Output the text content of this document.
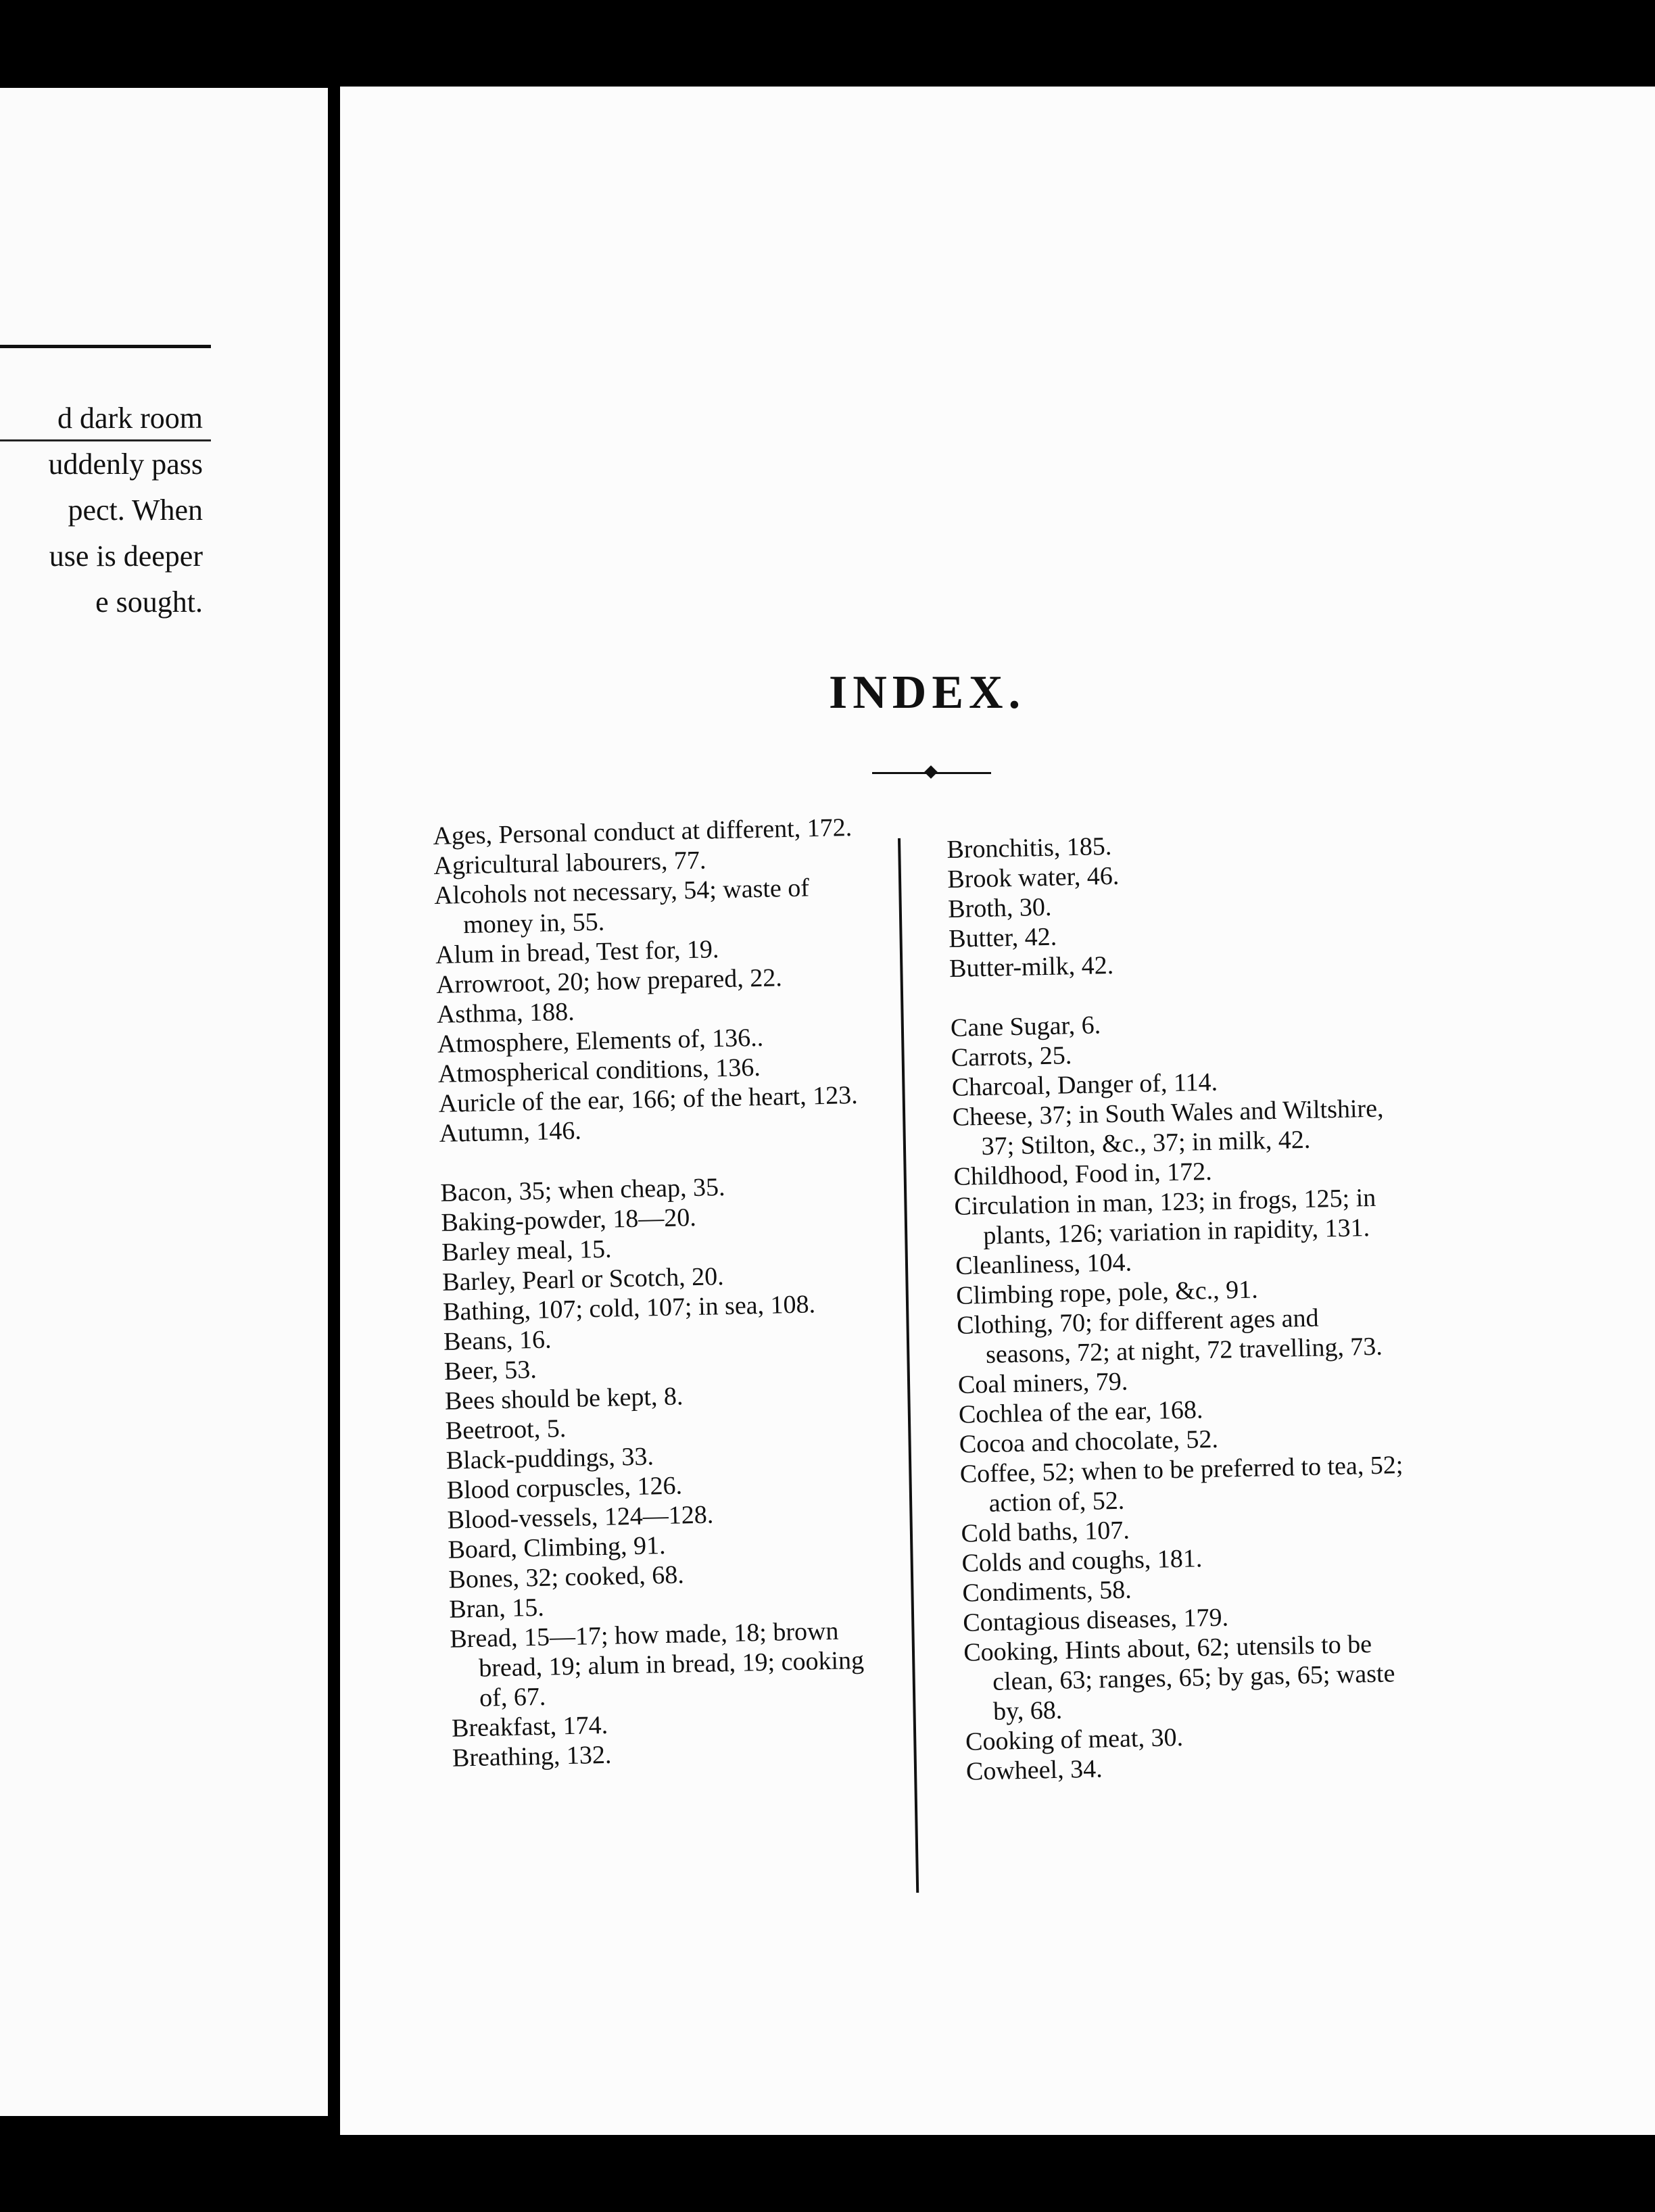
d dark room
uddenly pass
pect. When
use is deeper
e sought.
INDEX.
Ages, Personal conduct at different, 172.
Agricultural labourers, 77.
Alcohols not necessary, 54; waste of money in, 55.
Alum in bread, Test for, 19.
Arrowroot, 20; how prepared, 22.
Asthma, 188.
Atmosphere, Elements of, 136..
Atmospherical conditions, 136.
Auricle of the ear, 166; of the heart, 123.
Autumn, 146.
Bacon, 35; when cheap, 35.
Baking-powder, 18—20.
Barley meal, 15.
Barley, Pearl or Scotch, 20.
Bathing, 107; cold, 107; in sea, 108.
Beans, 16.
Beer, 53.
Bees should be kept, 8.
Beetroot, 5.
Black-puddings, 33.
Blood corpuscles, 126.
Blood-vessels, 124—128.
Board, Climbing, 91.
Bones, 32; cooked, 68.
Bran, 15.
Bread, 15—17; how made, 18; brown bread, 19; alum in bread, 19; cooking of, 67.
Breakfast, 174.
Breathing, 132.
Bronchitis, 185.
Brook water, 46.
Broth, 30.
Butter, 42.
Butter-milk, 42.
Cane Sugar, 6.
Carrots, 25.
Charcoal, Danger of, 114.
Cheese, 37; in South Wales and Wiltshire, 37; Stilton, &c., 37; in milk, 42.
Childhood, Food in, 172.
Circulation in man, 123; in frogs, 125; in plants, 126; variation in rapidity, 131.
Cleanliness, 104.
Climbing rope, pole, &c., 91.
Clothing, 70; for different ages and seasons, 72; at night, 72 travelling, 73.
Coal miners, 79.
Cochlea of the ear, 168.
Cocoa and chocolate, 52.
Coffee, 52; when to be preferred to tea, 52; action of, 52.
Cold baths, 107.
Colds and coughs, 181.
Condiments, 58.
Contagious diseases, 179.
Cooking, Hints about, 62; utensils to be clean, 63; ranges, 65; by gas, 65; waste by, 68.
Cooking of meat, 30.
Cowheel, 34.
